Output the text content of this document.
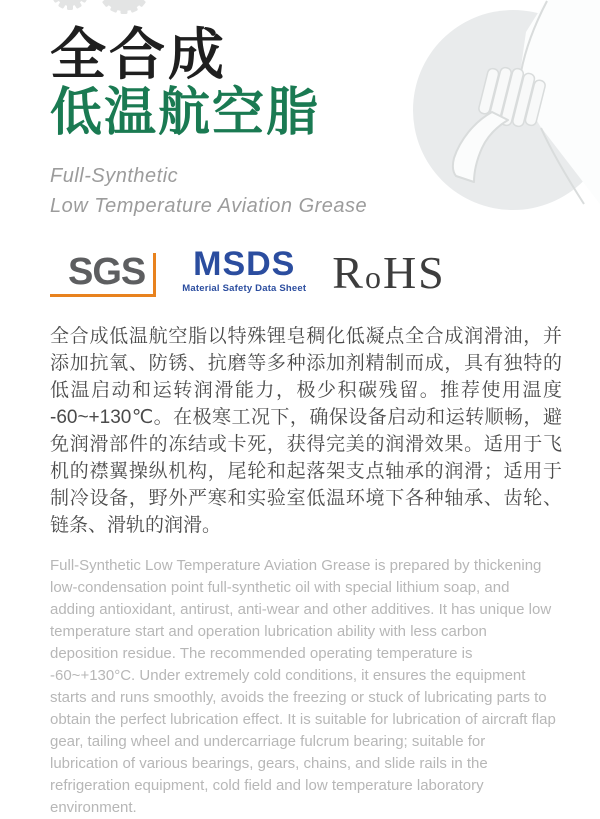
全合成
低温航空脂
Full-Synthetic
Low Temperature Aviation Grease
SGS	MSDS
Material Safety Data Sheet RoHS

全合成低温航空脂以特殊锂皂稠化低凝点全合成润滑油，并添加抗氧、防锈、抗磨等多种添加剂精制而成，具有独特的低温启动和运转润滑能力，极少积碳残留。推荐使用温度 -60~+130℃。在极寒工况下，确保设备启动和运转顺畅，避免润滑部件的冻结或卡死，获得完美的润滑效果。适用于飞机的襟翼操纵机构，尾轮和起落架支点轴承的润滑；适用于制冷设备，野外严寒和实验室低温环境下各种轴承、齿轮、链条、滑轨的润滑。

Full-Synthetic Low Temperature Aviation Grease is prepared by thickening low-condensation point full-synthetic oil with special lithium soap, and adding antioxidant, antirust, anti-wear and other additives. It has unique low temperature start and operation lubrication ability with less carbon deposition residue. The recommended operating temperature is -60~+130°C. Under extremely cold conditions, it ensures the equipment starts and runs smoothly, avoids the freezing or stuck of lubricating parts to obtain the perfect lubrication effect. It is suitable for lubrication of aircraft flap gear, tailing wheel and undercarriage fulcrum bearing; suitable for lubrication of various bearings, gears, chains, and slide rails in the refrigeration equipment, cold field and low temperature laboratory environment.
